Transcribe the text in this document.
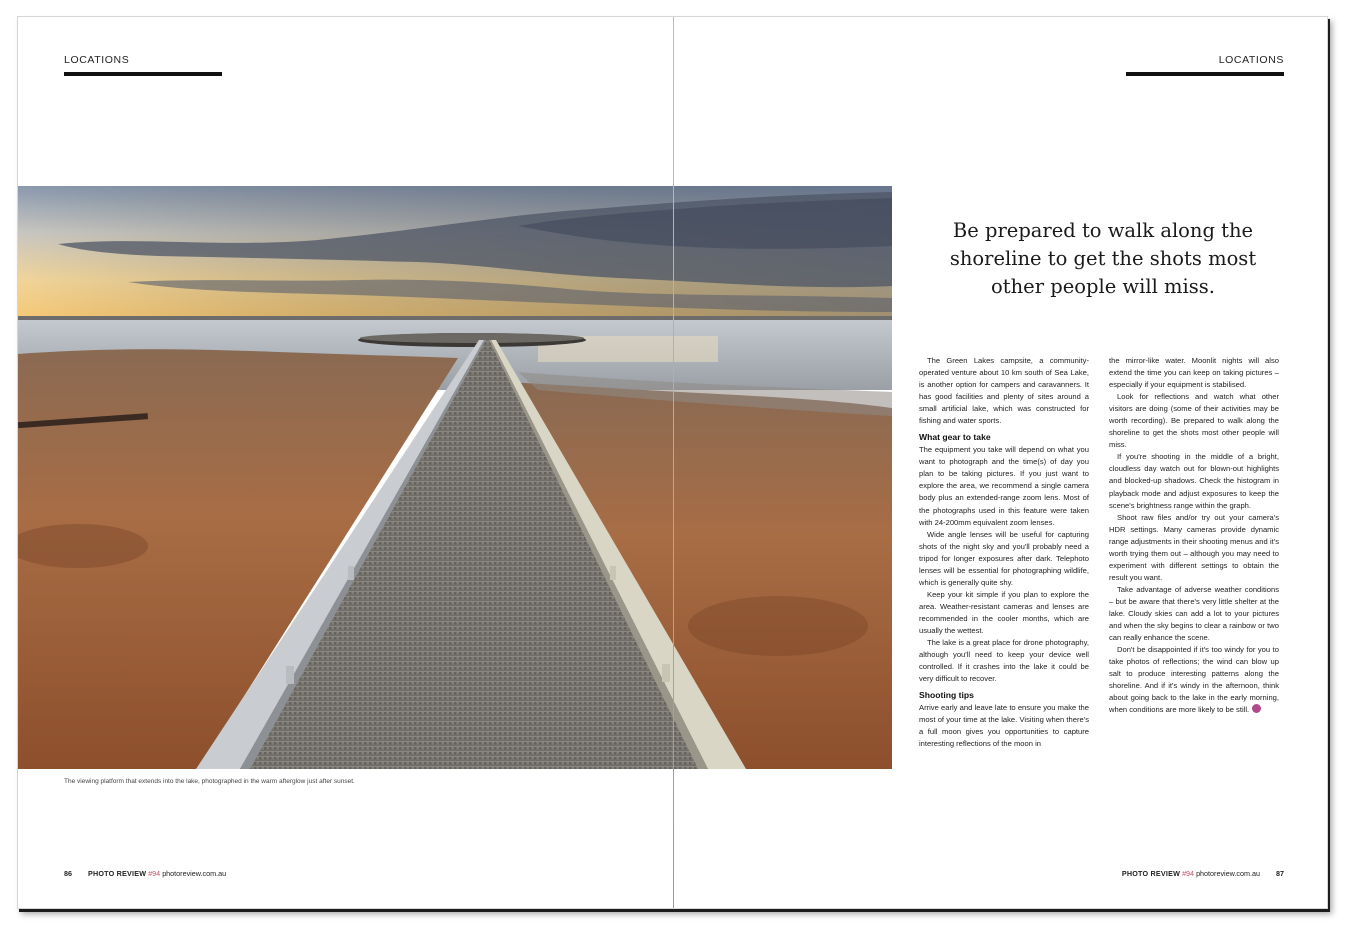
LOCATIONS	LOCATIONS
The viewing platform that extends into the lake, photographed in the warm afterglow just after sunset.
Be prepared to walk along the shoreline to get the shots most other people will miss.

The Green Lakes campsite, a community-operated venture about 10 km south of Sea Lake, is another option for campers and caravanners. It has good facilities and plenty of sites around a small artificial lake, which was constructed for fishing and water sports.

What gear to take

The equipment you take will depend on what you want to photograph and the time(s) of day you plan to be taking pictures. If you just want to explore the area, we recommend a single camera body plus an extended-range zoom lens. Most of the photographs used in this feature were taken with 24-200mm equivalent zoom lenses.

Wide angle lenses will be useful for capturing shots of the night sky and you'll probably need a tripod for longer exposures after dark. Telephoto lenses will be essential for photographing wildlife, which is generally quite shy.

Keep your kit simple if you plan to explore the area. Weather-resistant cameras and lenses are recommended in the cooler months, which are usually the wettest.

The lake is a great place for drone photography, although you'll need to keep your device well controlled. If it crashes into the lake it could be very difficult to recover.

Shooting tips

Arrive early and leave late to ensure you make the most of your time at the lake. Visiting when there's a full moon gives you opportunities to capture interesting reflections of the moon in

the mirror-like water. Moonlit nights will also extend the time you can keep on taking pictures – especially if your equipment is stabilised.

Look for reflections and watch what other visitors are doing (some of their activities may be worth recording). Be prepared to walk along the shoreline to get the shots most other people will miss.

If you're shooting in the middle of a bright, cloudless day watch out for blown-out highlights and blocked-up shadows. Check the histogram in playback mode and adjust exposures to keep the scene's brightness range within the graph.

Shoot raw files and/or try out your camera's HDR settings. Many cameras provide dynamic range adjustments in their shooting menus and it's worth trying them out – although you may need to experiment with different settings to obtain the result you want.

Take advantage of adverse weather conditions – but be aware that there's very little shelter at the lake. Cloudy skies can add a lot to your pictures and when the sky begins to clear a rainbow or two can really enhance the scene.

Don't be disappointed if it's too windy for you to take photos of reflections; the wind can blow up salt to produce interesting patterns along the shoreline. And if it's windy in the afternoon, think about going back to the lake in the early morning, when conditions are more likely to be still.

86 PHOTO REVIEW #94 photoreview.com.au	PHOTO REVIEW #94 photoreview.com.au 87
